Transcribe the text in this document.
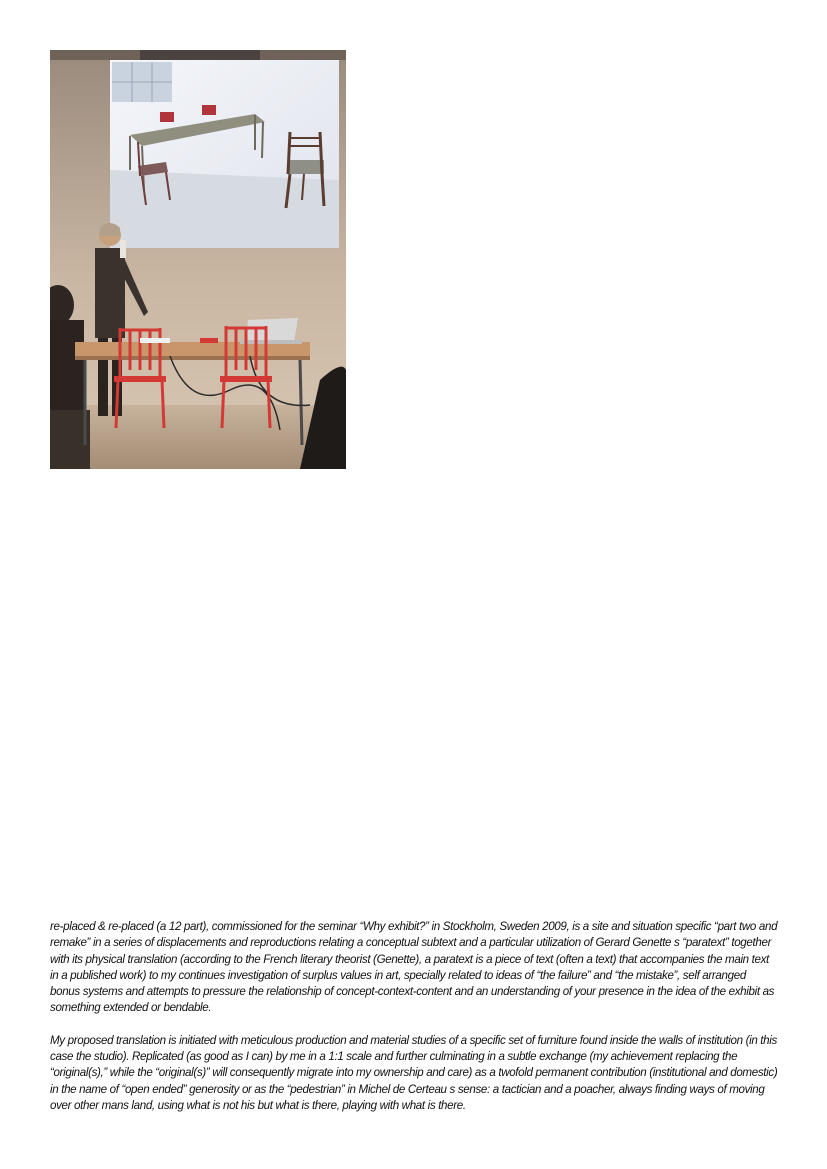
re-placed & re-placed (a 12 part), commissioned for the seminar “Why exhibit?” in Stockholm, Sweden 2009, is a site and situation specific “part two and remake” in a series of displacements and reproductions relating a conceptual subtext and a particular utilization of Gerard Genette s “paratext” together with its physical translation (according to the French literary theorist (Genette), a paratext is a piece of text (often a text) that accompanies the main text in a published work) to my continues investigation of surplus values in art, specially related to ideas of “the failure” and “the mistake”, self arranged bonus systems and attempts to pressure the relationship of concept-context-content and an understanding of your presence in the idea of the exhibit as something extended or bendable.

My proposed translation is initiated with meticulous production and material studies of a specific set of furniture found inside the walls of institution (in this case the studio). Replicated (as good as I can) by me in a 1:1 scale and further culminating in a subtle exchange (my achievement replacing the “original(s),” while the “original(s)” will consequently migrate into my ownership and care) as a twofold permanent contribution (institutional and domestic) in the name of “open ended” generosity or as the “pedestrian” in Michel de Certeau s sense: a tactician and a poacher, always finding ways of moving over other mans land, using what is not his but what is there, playing with what is there.
